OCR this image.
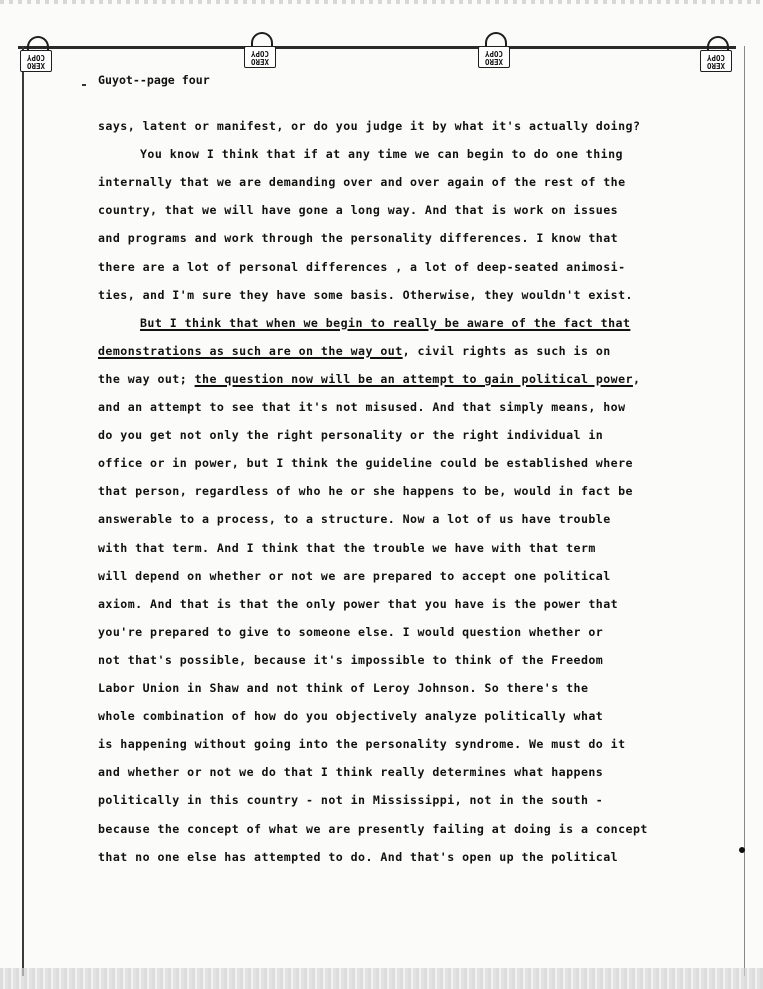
XERO
COPY	XERO
COPY
XERO
COPY
XERO
COPY
Guyot--page four
says, latent or manifest, or do you judge it by what it's actually doing?
You know I think that if at any time we can begin to do one thing
internally that we are demanding over and over again of the rest of the
country, that we will have gone a long way. And that is work on issues
and programs and work through the personality differences. I know that
there are a lot of personal differences , a lot of deep-seated animosi-
ties, and I'm sure they have some basis. Otherwise, they wouldn't exist.
But I think that when we begin to really be aware of the fact that
demonstrations as such are on the way out, civil rights as such is on
the way out; the question now will be an attempt to gain political power,
and an attempt to see that it's not misused. And that simply means, how
do you get not only the right personality or the right individual in
office or in power, but I think the guideline could be established where
that person, regardless of who he or she happens to be, would in fact be
answerable to a process, to a structure. Now a lot of us have trouble
with that term. And I think that the trouble we have with that term
will depend on whether or not we are prepared to accept one political
axiom. And that is that the only power that you have is the power that
you're prepared to give to someone else. I would question whether or
not that's possible, because it's impossible to think of the Freedom
Labor Union in Shaw and not think of Leroy Johnson. So there's the
whole combination of how do you objectively analyze politically what
is happening without going into the personality syndrome. We must do it
and whether or not we do that I think really determines what happens
politically in this country - not in Mississippi, not in the south -
because the concept of what we are presently failing at doing is a concept
that no one else has attempted to do. And that's open up the political
